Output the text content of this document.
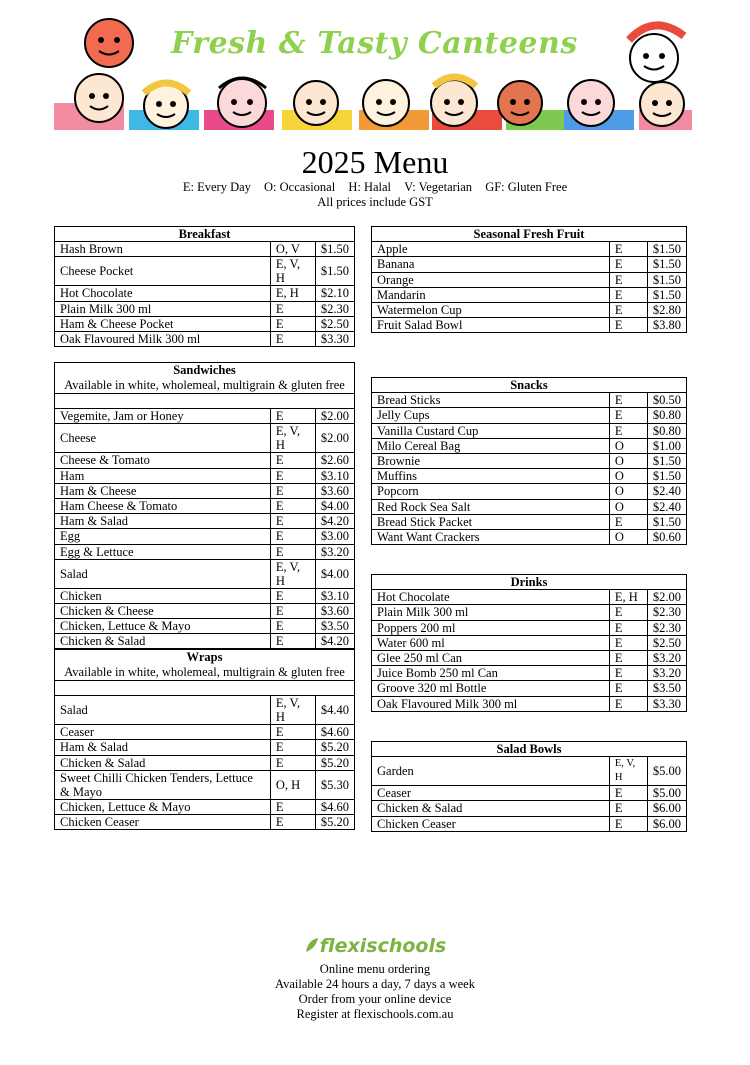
Fresh & Tasty Canteens
2025 Menu
E: Every Day O: Occasional H: Halal V: Vegetarian GF: Gluten Free
All prices include GST
Breakfast		
Hash Brown	O, V	$1.50
Cheese Pocket	E, V, H	$1.50
Hot Chocolate	E, H	$2.10
Plain Milk 300 ml	E	$2.30
Ham & Cheese Pocket	E	$2.50
Oak Flavoured Milk 300 ml	E	$3.30
Seasonal Fresh Fruit		
Apple	E	$1.50
Banana	E	$1.50
Orange	E	$1.50
Mandarin	E	$1.50
Watermelon Cup	E	$2.80
Fruit Salad Bowl	E	$3.80
Sandwiches
Available in white, wholemeal, multigrain & gluten free		

Vegemite, Jam or Honey	E	$2.00
Cheese	E, V, H	$2.00
Cheese & Tomato	E	$2.60
Ham	E	$3.10
Ham & Cheese	E	$3.60
Ham Cheese & Tomato	E	$4.00
Ham & Salad	E	$4.20
Egg	E	$3.00
Egg & Lettuce	E	$3.20
Salad	E, V, H	$4.00
Chicken	E	$3.10
Chicken & Cheese	E	$3.60
Chicken, Lettuce & Mayo	E	$3.50
Chicken & Salad	E	$4.20
Snacks		
Bread Sticks	E	$0.50
Jelly Cups	E	$0.80
Vanilla Custard Cup	E	$0.80
Milo Cereal Bag	O	$1.00
Brownie	O	$1.50
Muffins	O	$1.50
Popcorn	O	$2.40
Red Rock Sea Salt	O	$2.40
Bread Stick Packet	E	$1.50
Want Want Crackers	O	$0.60
Drinks		
Hot Chocolate	E, H	$2.00
Plain Milk 300 ml	E	$2.30
Poppers 200 ml	E	$2.30
Water 600 ml	E	$2.50
Glee 250 ml Can	E	$3.20
Juice Bomb 250 ml Can	E	$3.20
Groove 320 ml Bottle	E	$3.50
Oak Flavoured Milk 300 ml	E	$3.30
Wraps
Available in white, wholemeal, multigrain & gluten free		

Salad	E, V, H	$4.40
Ceaser	E	$4.60
Ham & Salad	E	$5.20
Chicken & Salad	E	$5.20
Sweet Chilli Chicken Tenders, Lettuce & Mayo	O, H	$5.30
Chicken, Lettuce & Mayo	E	$4.60
Chicken Ceaser	E	$5.20
Salad Bowls		
Garden	E, V, H	$5.00
Ceaser	E	$5.00
Chicken & Salad	E	$6.00
Chicken Ceaser	E	$6.00
flexischools
Online menu ordering
Available 24 hours a day, 7 days a week
Order from your online device
Register at flexischools.com.au
